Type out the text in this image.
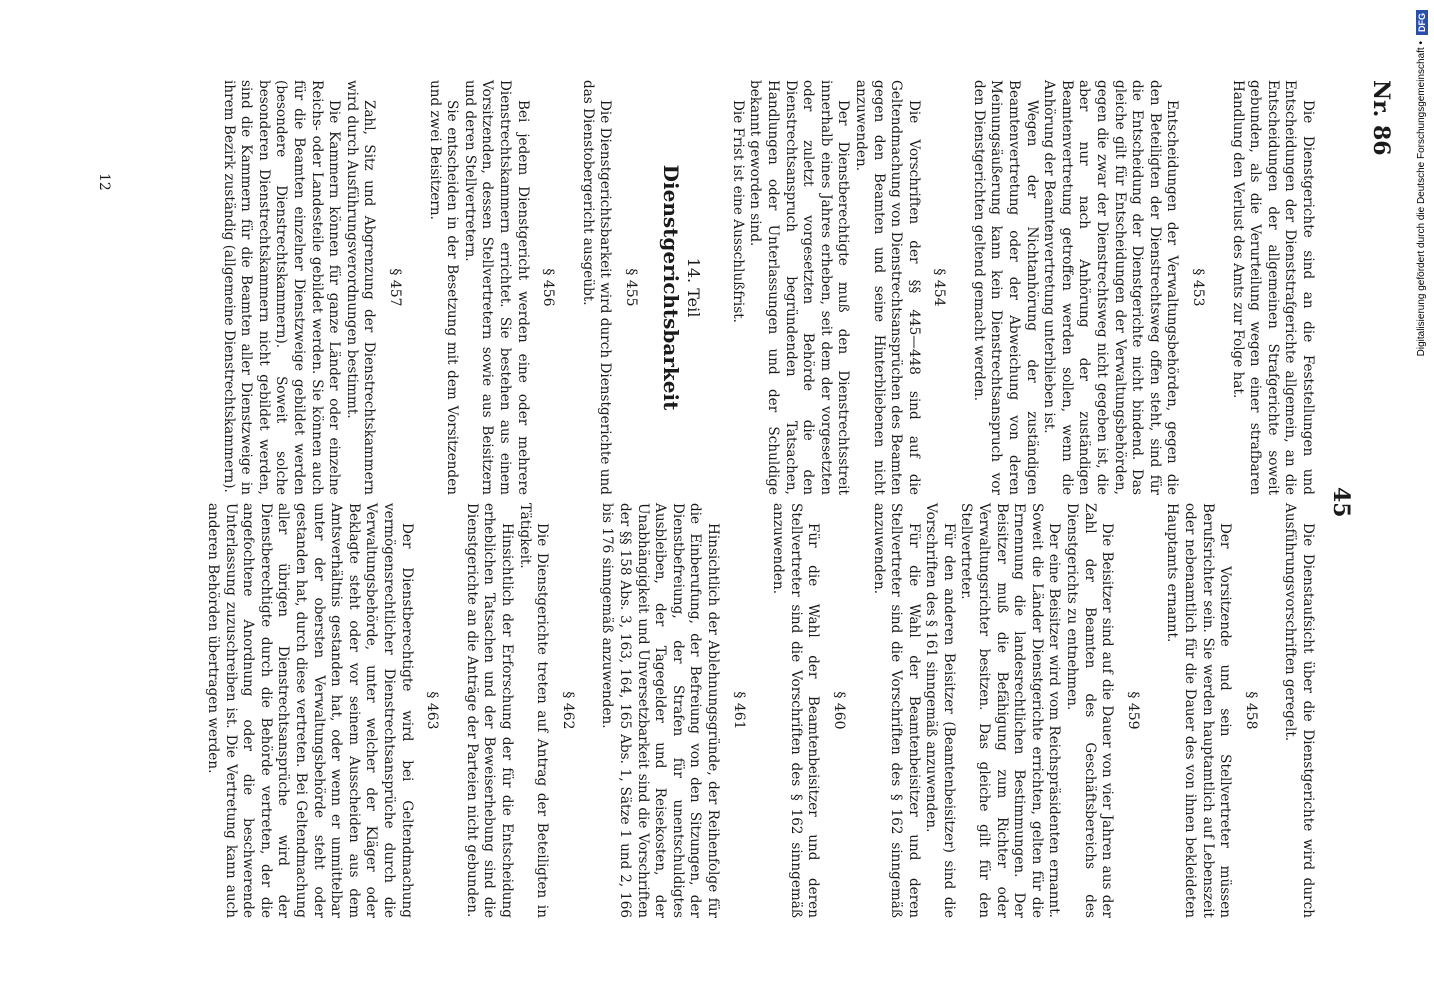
45
Nr. 86

Die Dienstgerichte sind an die Feststellungen und Entscheidungen der Dienststrafgerichte allgemein, an die Entscheidungen der allgemeinen Strafgerichte soweit gebunden, als die Verurteilung wegen einer strafbaren Handlung den Verlust des Amts zur Folge hat.

§ 453

Entscheidungen der Verwaltungsbehörden, gegen die den Beteiligten der Dienstrechtsweg offen steht, sind für die Entscheidung der Dienstgerichte nicht bindend. Das gleiche gilt für Entscheidungen der Verwaltungsbehörden, gegen die zwar der Dienstrechtsweg nicht gegeben ist, die aber nur nach Anhörung der zuständigen Beamtenvertretung getroffen werden sollen, wenn die Anhörung der Beamtenvertretung unterblieben ist.

Wegen der Nichtanhörung der zuständigen Beamtenvertretung oder der Abweichung von deren Meinungsäußerung kann kein Dienstrechtsanspruch vor den Dienstgerichten geltend gemacht werden.

§ 454

Die Vorschriften der §§ 445—448 sind auf die Geltendmachung von Dienstrechtsansprüchen des Beamten gegen den Beamten und seine Hinterbliebenen nicht anzuwenden.

Der Dienstberechtigte muß den Dienstrechtsstreit innerhalb eines Jahres erheben, seit dem der vorgesetzten oder zuletzt vorgesetzten Behörde die den Dienstrechtsanspruch begründenden Tatsachen, Handlungen oder Unterlassungen und der Schuldige bekannt geworden sind.

Die Frist ist eine Ausschlußfrist.

14. Teil
Dienstgerichtsbarkeit
§ 455

Die Dienstgerichtsbarkeit wird durch Dienstgerichte und das Dienstobergericht ausgeübt.

§ 456

Bei jedem Dienstgericht werden eine oder mehrere Dienstrechtskammern errichtet. Sie bestehen aus einem Vorsitzenden, dessen Stellvertretern sowie aus Beisitzern und deren Stellvertretern.

Sie entscheiden in der Besetzung mit dem Vorsitzenden und zwei Beisitzern.

§ 457

Zahl, Sitz und Abgrenzung der Dienstrechtskammern wird durch Ausführungsverordnungen bestimmt.

Die Kammern können für ganze Länder oder einzelne Reichs- oder Landesteile gebildet werden. Sie können auch für die Beamten einzelner Dienstzweige gebildet werden (besondere Dienstrechtskammern). Soweit solche besonderen Dienstrechtskammern nicht gebildet werden, sind die Kammern für die Beamten aller Dienstzweige in ihrem Bezirk zuständig (allgemeine Dienstrechtskammern).

Die Dienstaufsicht über die Dienstgerichte wird durch Ausführungsvorschriften geregelt.

§ 458

Der Vorsitzende und sein Stellvertreter müssen Berufsrichter sein. Sie werden hauptamtlich auf Lebenszeit oder nebenamtlich für die Dauer des von ihnen bekleideten Hauptamts ernannt.

§ 459

Die Beisitzer sind auf die Dauer von vier Jahren aus der Zahl der Beamten des Geschäftsbereichs des Dienstgerichts zu entnehmen.

Der eine Beisitzer wird vom Reichspräsidenten ernannt. Soweit die Länder Dienstgerichte errichten, gelten für die Ernennung die landesrechtlichen Bestimmungen. Der Beisitzer muß die Befähigung zum Richter oder Verwaltungsrichter besitzen. Das gleiche gilt für den Stellvertreter.

Für den anderen Beisitzer (Beamtenbeisitzer) sind die Vorschriften des § 161 sinngemäß anzuwenden.

Für die Wahl der Beamtenbeisitzer und deren Stellvertreter sind die Vorschriften des § 162 sinngemäß anzuwenden.

§ 460

Für die Wahl der Beamtenbeisitzer und deren Stellvertreter sind die Vorschriften des § 162 sinngemäß anzuwenden.

§ 461

Hinsichtlich der Ablehnungsgründe, der Reihenfolge für die Einberufung, der Befreiung von den Sitzungen, der Dienstbefreiung, der Strafen für unentschuldigtes Ausbleiben, der Tagegelder und Reisekosten, der Unabhängigkeit und Unversetzbarkeit sind die Vorschriften der §§ 158 Abs. 3, 163, 164, 165 Abs. 1, Sätze 1 und 2, 166 bis 176 sinngemäß anzuwenden.

§ 462

Die Dienstgerichte treten auf Antrag der Beteiligten in Tätigkeit.

Hinsichtlich der Erforschung der für die Entscheidung erheblichen Tatsachen und der Beweiserhebung sind die Dienstgerichte an die Anträge der Parteien nicht gebunden.

§ 463

Der Dienstberechtigte wird bei Geltendmachung vermögensrechtlicher Dienstrechtsansprüche durch die Verwaltungsbehörde, unter welcher der Kläger oder Beklagte steht oder vor seinem Ausscheiden aus dem Amtsverhältnis gestanden hat, oder wenn er unmittelbar unter der obersten Verwaltungsbehörde steht oder gestanden hat, durch diese vertreten. Bei Geltendmachung aller übrigen Dienstrechtsansprüche wird der Dienstberechtigte durch die Behörde vertreten, der die angefochtene Anordnung oder die beschwerende Unterlassung zuzuschreiben ist. Die Vertretung kann auch anderen Behörden übertragen werden.

12	Digitalisierung gefördert durch die Deutsche Forschungsgemeinschaft •
DFG
